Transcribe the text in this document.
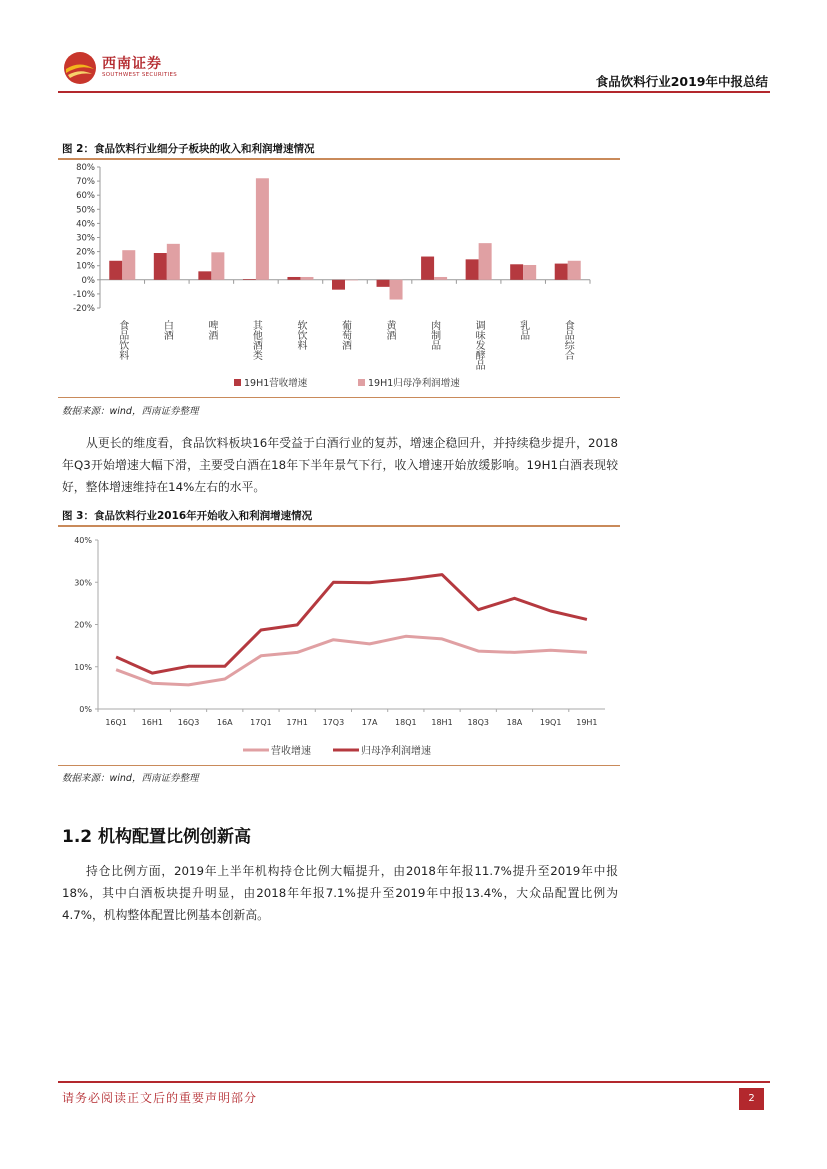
西南证券
SOUTHWEST SECURITIES	食品饮料行业2019年中报总结
图 2：食品饮料行业细分子板块的收入和利润增速情况
80%
70%
60%
50%
40%
30%
20%
10%
0%
-10%
-20%
食品饮料	白酒	啤酒	其他酒类	软饮料	葡萄酒	黄酒	肉制品	调味发酵品	乳品	食品综合
19H1营收增速	19H1归母净利润增速
数据来源：wind，西南证券整理
从更长的维度看，食品饮料板块16年受益于白酒行业的复苏，增速企稳回升，并持续稳步提升，2018年Q3开始增速大幅下滑，主要受白酒在18年下半年景气下行，收入增速开始放缓影响。19H1白酒表现较好，整体增速维持在14%左右的水平。
图 3：食品饮料行业2016年开始收入和利润增速情况
40%
30%
20%
10%
0%
16Q1 16H1 16Q3 16A 17Q1 17H1 17Q3 17A 18Q1 18H1 18Q3 18A 19Q1 19H1
营收增速	归母净利润增速
数据来源：wind，西南证券整理
1.2 机构配置比例创新高
持仓比例方面，2019年上半年机构持仓比例大幅提升，由2018年年报11.7%提升至2019年中报18%，其中白酒板块提升明显，由2018年年报7.1%提升至2019年中报13.4%，大众品配置比例为4.7%，机构整体配置比例基本创新高。
请务必阅读正文后的重要声明部分	2
